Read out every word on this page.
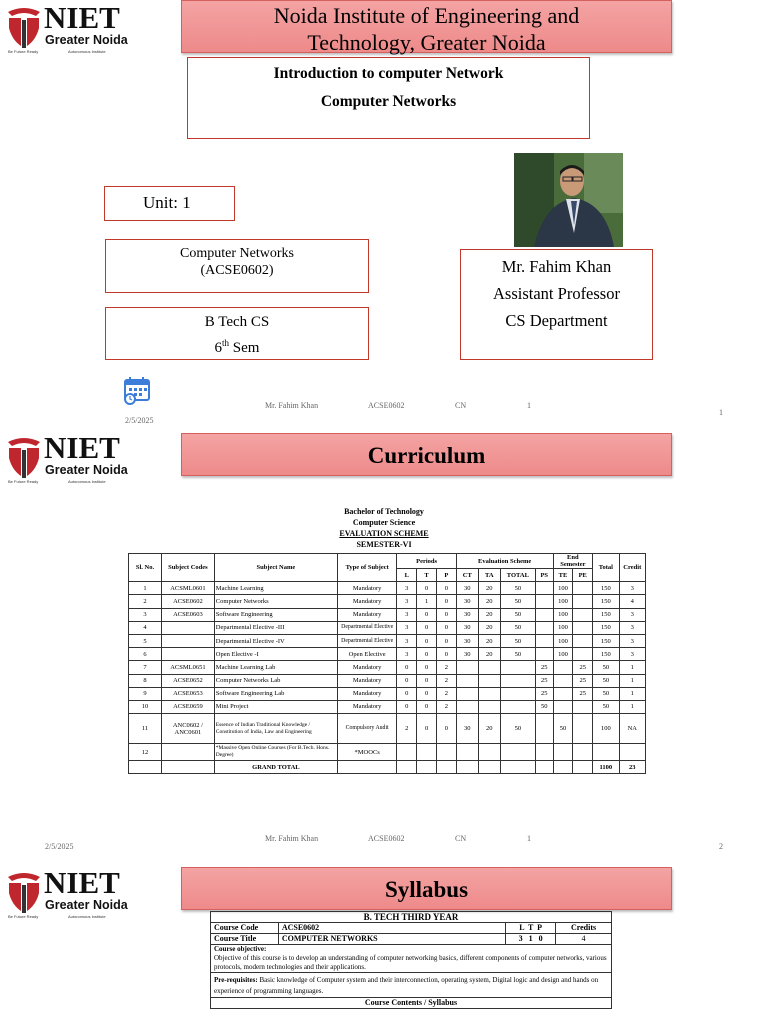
NIET
Greater Noida
Be Future Ready	Autonomous Institute
Noida Institute of Engineering and Technology, Greater Noida
Introduction to computer Network
Computer Networks
Unit: 1
Computer Networks
(ACSE0602)
B Tech CS
6th Sem
Mr. Fahim Khan
Assistant Professor
CS Department
2/5/2025
Mr. Fahim Khan	ACSE0602	CN	1
1
NIET
Greater Noida
Be Future Ready	Autonomous Institute
Curriculum
Bachelor of Technology
Computer Science
EVALUATION SCHEME
SEMESTER-VI
Sl. No.	Subject Codes	Subject Name	Type of Subject	Periods			Evaluation Scheme				End Semester		Total	Credit
				L	T	P	CT	TA	TOTAL	PS	TE	PE		
1	ACSML0601	Machine Learning	Mandatory	3	0	0	30	20	50		100		150	3
2	ACSE0602	Computer Networks	Mandatory	3	1	0	30	20	50		100		150	4
3	ACSE0603	Software Engineering	Mandatory	3	0	0	30	20	50		100		150	3
4		Departmental Elective -III	Departmental Elective	3	0	0	30	20	50		100		150	3
5		Departmental Elective -IV	Departmental Elective	3	0	0	30	20	50		100		150	3
6		Open Elective -I	Open Elective	3	0	0	30	20	50		100		150	3
7	ACSML0651	Machine Learning Lab	Mandatory	0	0	2				25		25	50	1
8	ACSE0652	Computer Networks Lab	Mandatory	0	0	2				25		25	50	1
9	ACSE0653	Software Engineering Lab	Mandatory	0	0	2				25		25	50	1
10	ACSE0659	Mini Project	Mandatory	0	0	2				50			50	1
11	ANC0602 / ANC0601	Essence of Indian Traditional Knowledge / Constitution of India, Law and Engineering	Compulsory Audit	2	0	0	30	20	50		50		100	NA
12		*Massive Open Online Courses (For B.Tech. Hons. Degree)	*MOOCs											
		GRAND TOTAL											1100	23
2/5/2025
Mr. Fahim Khan	ACSE0602	CN	1
2
NIET
Greater Noida
Be Future Ready	Autonomous Institute
Syllabus
B. TECH THIRD YEAR			
Course Code	ACSE0602	L  T  P	Credits
Course Title	COMPUTER NETWORKS	3   1   0	4
Course objective:
Objective of this course is to develop an understanding of computer networking basics, different components of computer networks, various protocols, modern technologies and their applications.			
Pre-requisites: Basic knowledge of Computer system and their interconnection, operating system, Digital logic and design and hands on experience of programming languages.			
Course Contents / Syllabus			
